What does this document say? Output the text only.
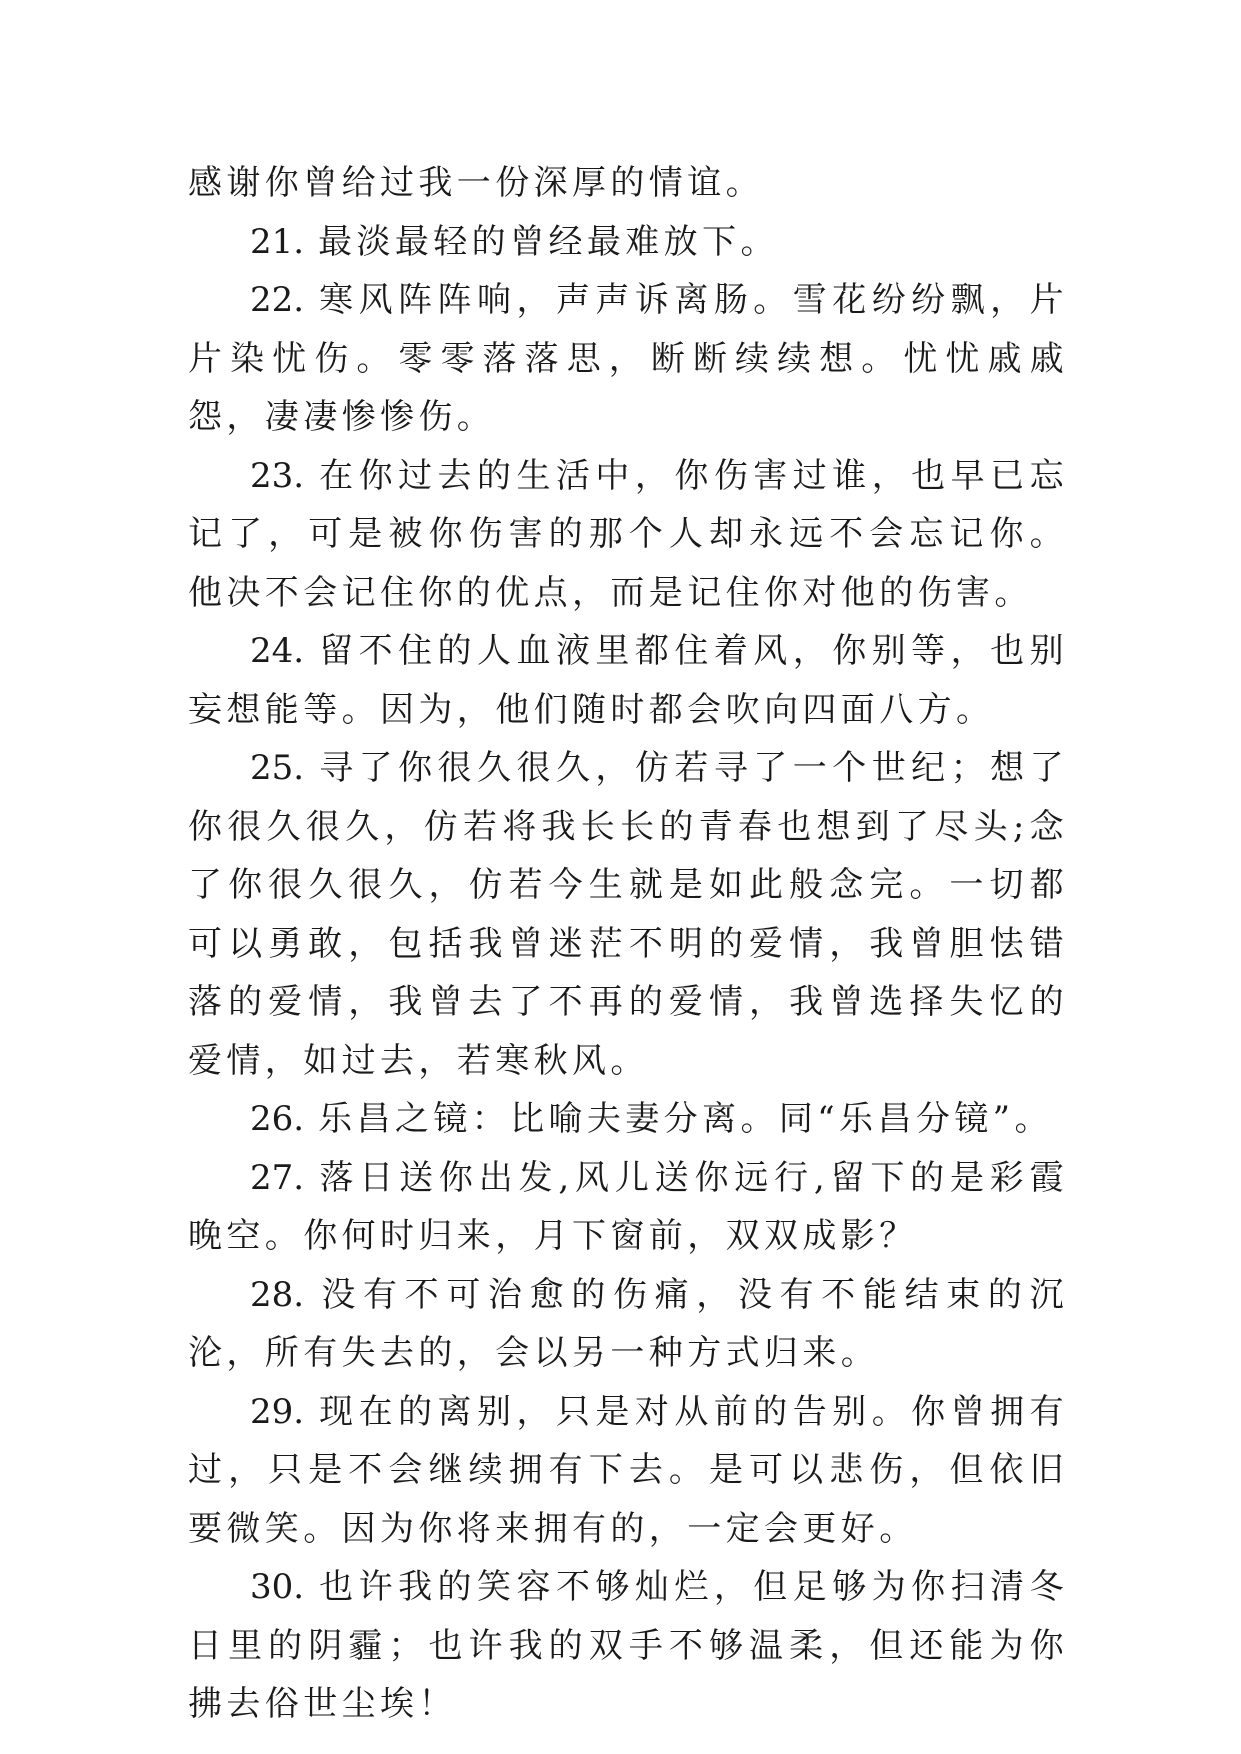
感谢你曾给过我一份深厚的情谊。

21. 最淡最轻的曾经最难放下。

22. 寒风阵阵响，声声诉离肠。雪花纷纷飘，片片染忧伤。零零落落思，断断续续想。忧忧戚戚怨，凄凄惨惨伤。

23. 在你过去的生活中，你伤害过谁，也早已忘记了，可是被你伤害的那个人却永远不会忘记你。他决不会记住你的优点，而是记住你对他的伤害。

24. 留不住的人血液里都住着风，你别等，也别妄想能等。因为，他们随时都会吹向四面八方。

25. 寻了你很久很久，仿若寻了一个世纪；想了你很久很久，仿若将我长长的青春也想到了尽头;念了你很久很久，仿若今生就是如此般念完。一切都可以勇敢，包括我曾迷茫不明的爱情，我曾胆怯错落的爱情，我曾去了不再的爱情，我曾选择失忆的爱情，如过去，若寒秋风。

26. 乐昌之镜：比喻夫妻分离。同“乐昌分镜”。

27. 落日送你出发,风儿送你远行,留下的是彩霞晚空。你何时归来，月下窗前，双双成影？

28. 没有不可治愈的伤痛，没有不能结束的沉沦，所有失去的，会以另一种方式归来。

29. 现在的离别，只是对从前的告别。你曾拥有过，只是不会继续拥有下去。是可以悲伤，但依旧要微笑。因为你将来拥有的，一定会更好。

30. 也许我的笑容不够灿烂，但足够为你扫清冬日里的阴霾；也许我的双手不够温柔，但还能为你拂去俗世尘埃！
